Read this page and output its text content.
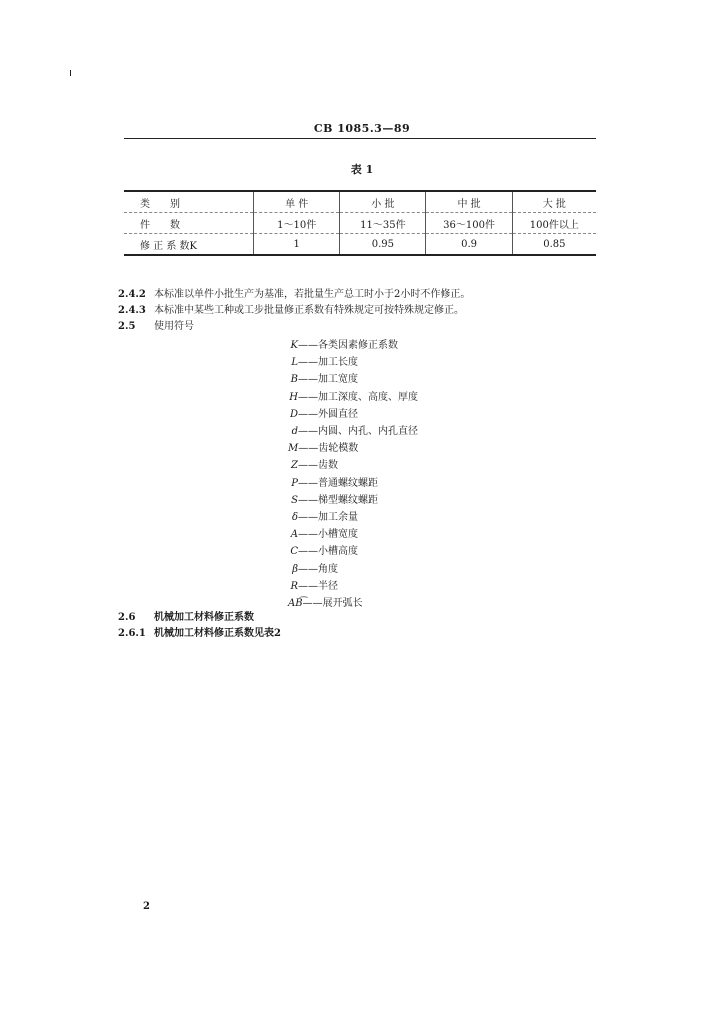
CB 1085.3—89
表 1
类　　别	单 件	小 批	中 批	大 批

件　　数	1～10件	11～35件	36～100件	100件以上

修 正 系 数K	1	0.95	0.9	0.85
2.4.2 本标准以单件小批生产为基准，若批量生产总工时小于2小时不作修正。
2.4.3 本标准中某些工种或工步批量修正系数有特殊规定可按特殊规定修正。
2.5 使用符号
K——各类因素修正系数
L——加工长度
B——加工宽度
H——加工深度、高度、厚度
D——外圆直径
d——内圆、内孔、内孔直径
M——齿轮模数
Z——齿数
P——普通螺纹螺距
S——梯型螺纹螺距
δ——加工余量
A——小槽宽度
C——小槽高度
β——角度
R——半径
AB͡——展开弧长
2.6 机械加工材料修正系数
2.6.1 机械加工材料修正系数见表2
2
